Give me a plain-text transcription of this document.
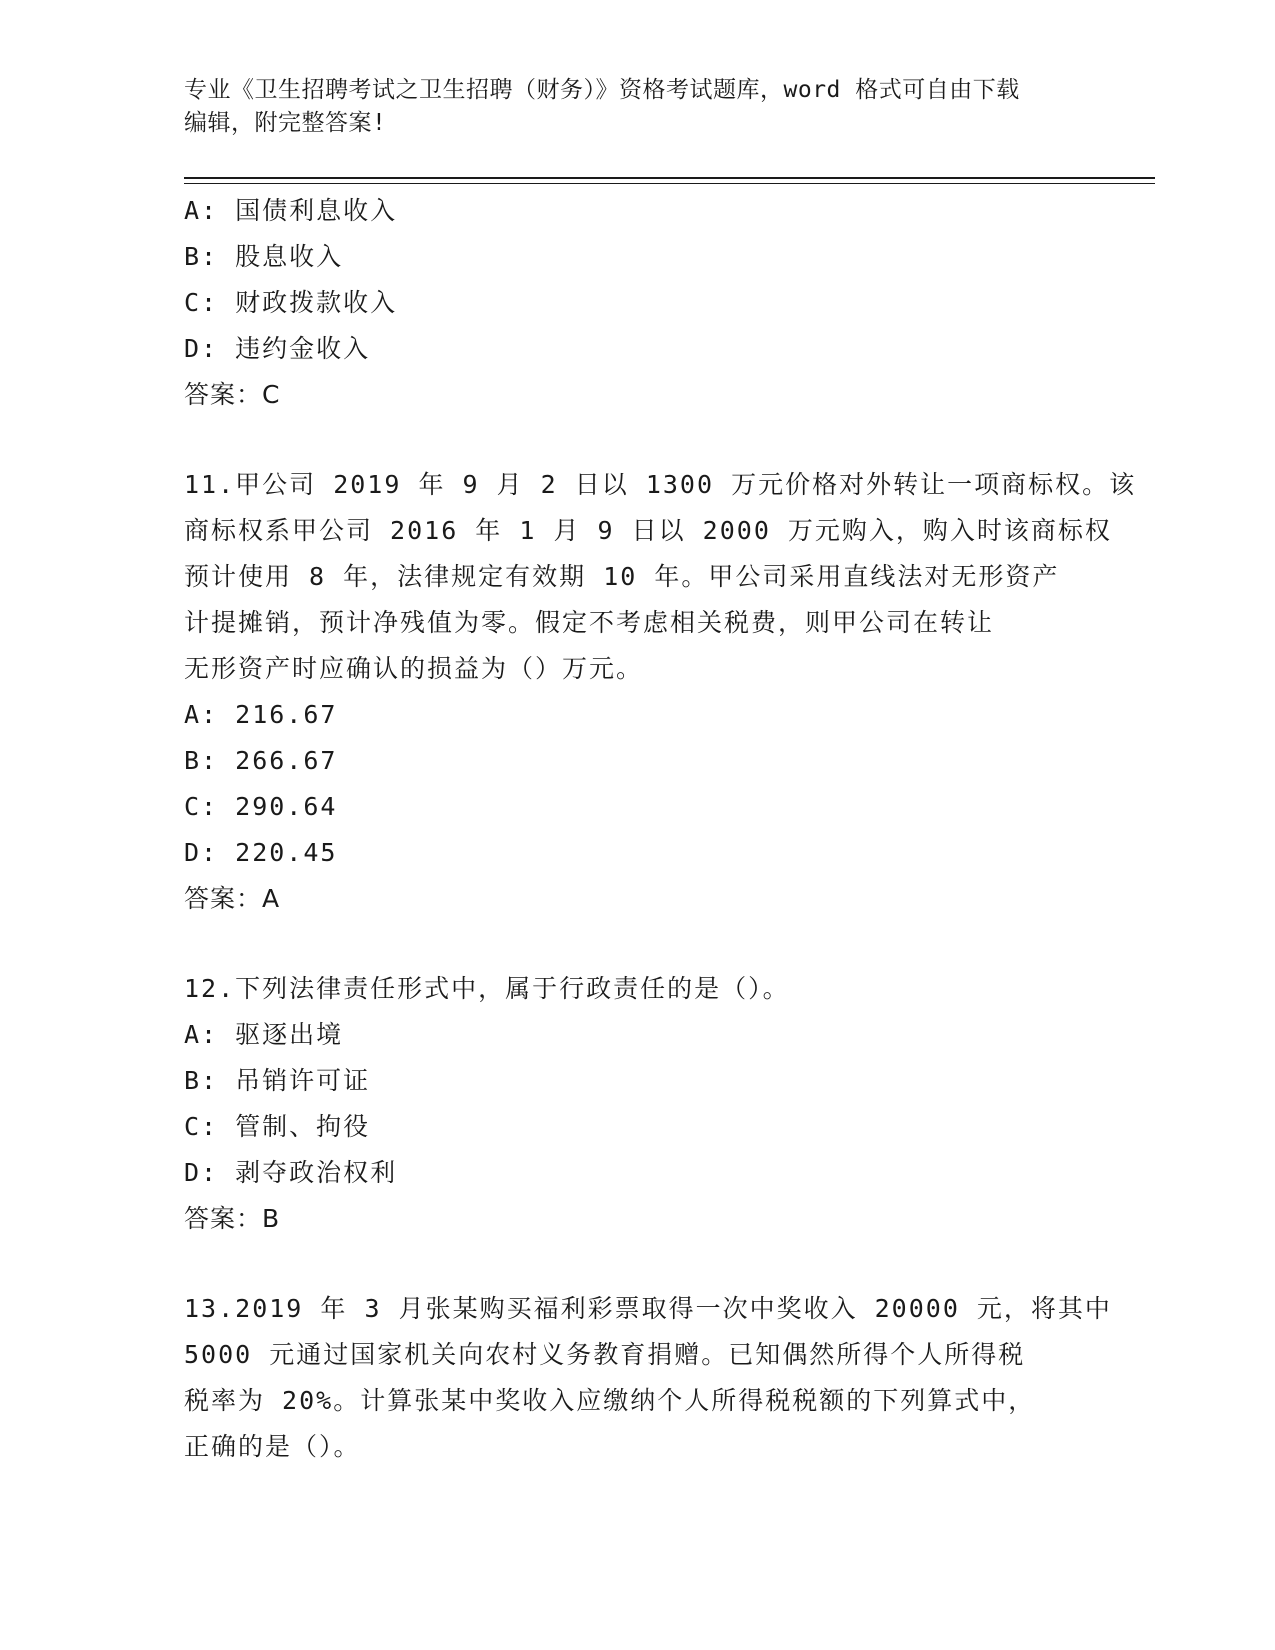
专业《卫生招聘考试之卫生招聘（财务）》资格考试题库，word 格式可自由下载
编辑，附完整答案!
A: 国债利息收入
B: 股息收入
C: 财政拨款收入
D: 违约金收入
答案：C
11.甲公司 2019 年 9 月 2 日以 1300 万元价格对外转让一项商标权。该
商标权系甲公司 2016 年 1 月 9 日以 2000 万元购入，购入时该商标权
预计使用 8 年，法律规定有效期 10 年。甲公司采用直线法对无形资产
计提摊销，预计净残值为零。假定不考虑相关税费，则甲公司在转让
无形资产时应确认的损益为（）万元。
A: 216.67
B: 266.67
C: 290.64
D: 220.45
答案：A
12.下列法律责任形式中，属于行政责任的是（）。
A: 驱逐出境
B: 吊销许可证
C: 管制、拘役
D: 剥夺政治权利
答案：B
13.2019 年 3 月张某购买福利彩票取得一次中奖收入 20000 元，将其中
5000 元通过国家机关向农村义务教育捐赠。已知偶然所得个人所得税
税率为 20%。计算张某中奖收入应缴纳个人所得税税额的下列算式中，
正确的是（）。
